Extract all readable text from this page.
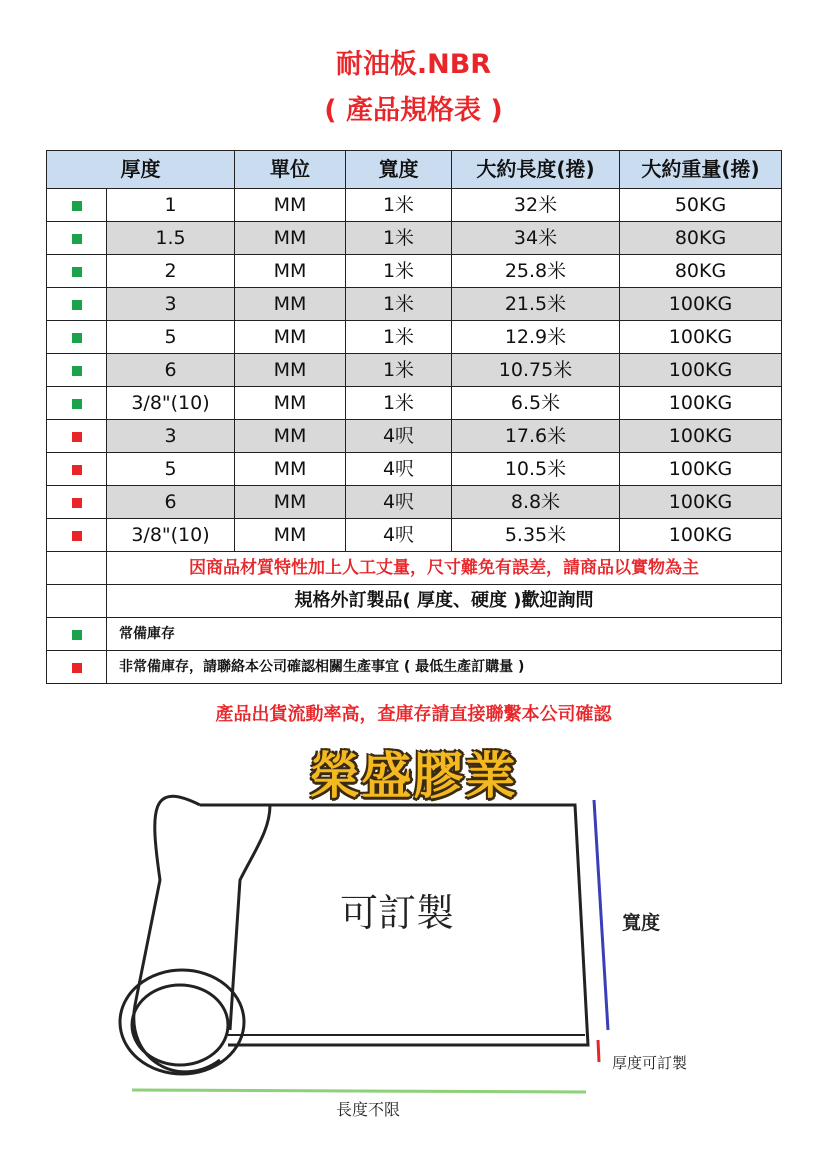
耐油板.NBR
( 產品規格表 )
厚度		單位	寬度	大約長度(捲)	大約重量(捲)
	1	MM	1米	32米	50KG
	1.5	MM	1米	34米	80KG
	2	MM	1米	25.8米	80KG
	3	MM	1米	21.5米	100KG
	5	MM	1米	12.9米	100KG
	6	MM	1米	10.75米	100KG
	3/8"(10)	MM	1米	6.5米	100KG
	3	MM	4呎	17.6米	100KG
	5	MM	4呎	10.5米	100KG
	6	MM	4呎	8.8米	100KG
	3/8"(10)	MM	4呎	5.35米	100KG
	因商品材質特性加上人工丈量，尺寸難免有誤差，請商品以實物為主				
	規格外訂製品( 厚度、硬度 )歡迎詢問				
	常備庫存				
	非常備庫存，請聯絡本公司確認相關生產事宜 ( 最低生產訂購量 )				
產品出貨流動率高，查庫存請直接聯繫本公司確認
榮盛膠業
可訂製	寬度
厚度可訂製
長度不限
